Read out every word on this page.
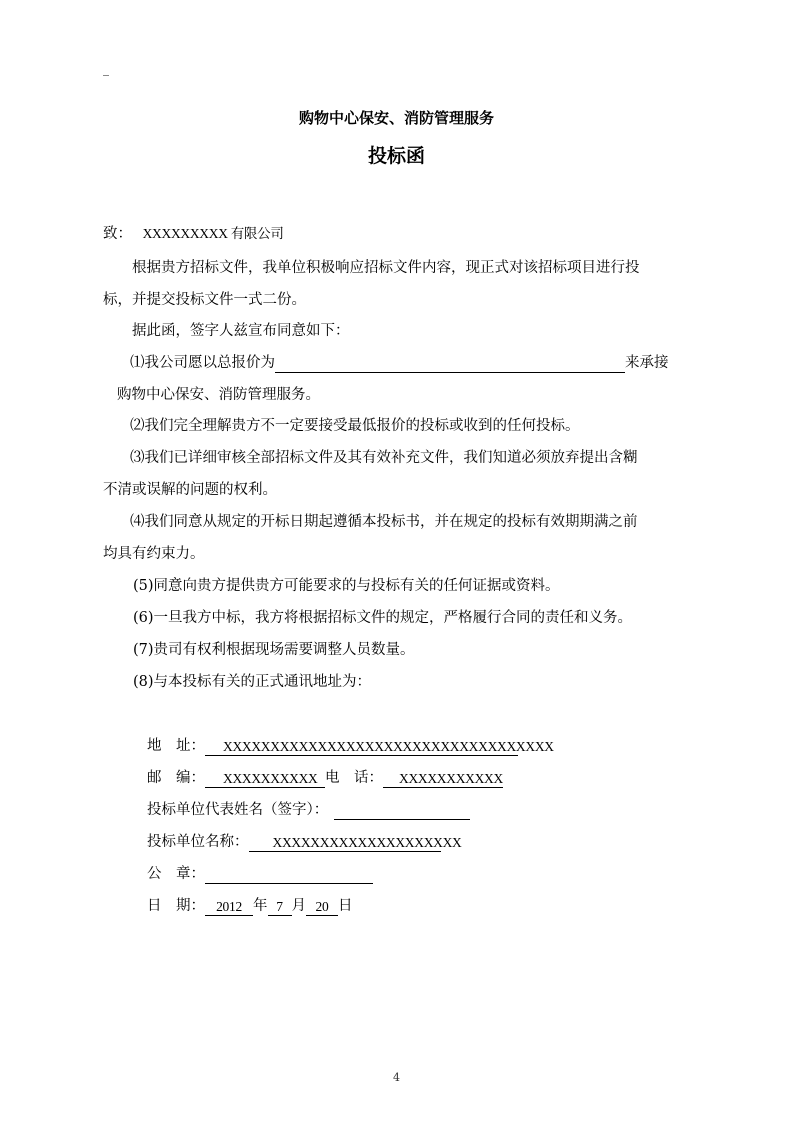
_
购物中心保安、消防管理服务
投标函
致： XXXXXXXXX 有限公司
根据贵方招标文件，我单位积极响应招标文件内容，现正式对该招标项目进行投
标，并提交投标文件一式二份。
据此函，签字人兹宣布同意如下：
⑴我公司愿以总报价为	来承接
购物中心保安、消防管理服务。
⑵我们完全理解贵方不一定要接受最低报价的投标或收到的任何投标。
⑶我们已详细审核全部招标文件及其有效补充文件，我们知道必须放弃提出含糊
不清或误解的问题的权利。
⑷我们同意从规定的开标日期起遵循本投标书，并在规定的投标有效期期满之前
均具有约束力。
(5)同意向贵方提供贵方可能要求的与投标有关的任何证据或资料。
(6)一旦我方中标，我方将根据招标文件的规定，严格履行合同的责任和义务。
(7)贵司有权利根据现场需要调整人员数量。
(8)与本投标有关的正式通讯地址为：
地　址： XXXXXXXXXXXXXXXXXXXXXXXXXXXXXXXXXXX
邮　编： XXXXXXXXXX 电　话： XXXXXXXXXXX
投标单位代表姓名（签字）：
投标单位名称： XXXXXXXXXXXXXXXXXXXX
公　章：
日　期： 2012 年 7 月 20 日
4
